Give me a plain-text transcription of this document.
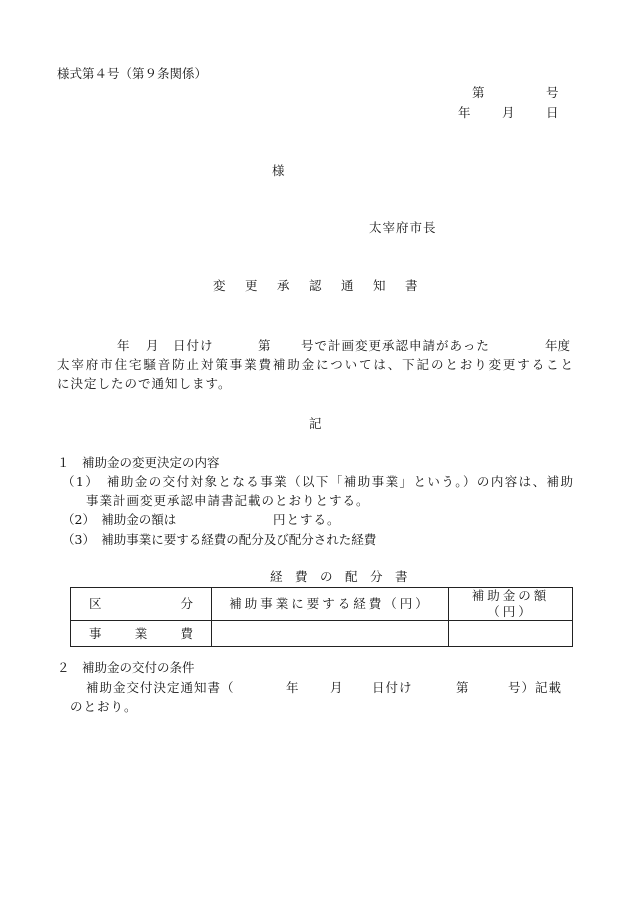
様式第４号（第９条関係）
第	号
年	月	日
様
太宰府市長
変 更 承 認 通 知 書
年 月 日付け	第 号で計画変更承認申請があった	年度
太宰府市住宅騒音防止対策事業費補助金については、下記のとおり変更すること
に決定したので通知します。
記
１　補助金の変更決定の内容
（1）　補助金の交付対象となる事業（以下「補助事業」という。）の内容は、補助
事業計画変更承認申請書記載のとおりとする。
（2）　補助金の額は	円とする。
（3）　補助事業に要する経費の配分及び配分された経費
経　費　の　配　分　書
区　　分	補助事業に要する経費（円）	補助金の額（円）
事　業　費		
２　補助金の交付の条件
補助金交付決定通知書（	年	月 日付け	第	号）記載
のとおり。
